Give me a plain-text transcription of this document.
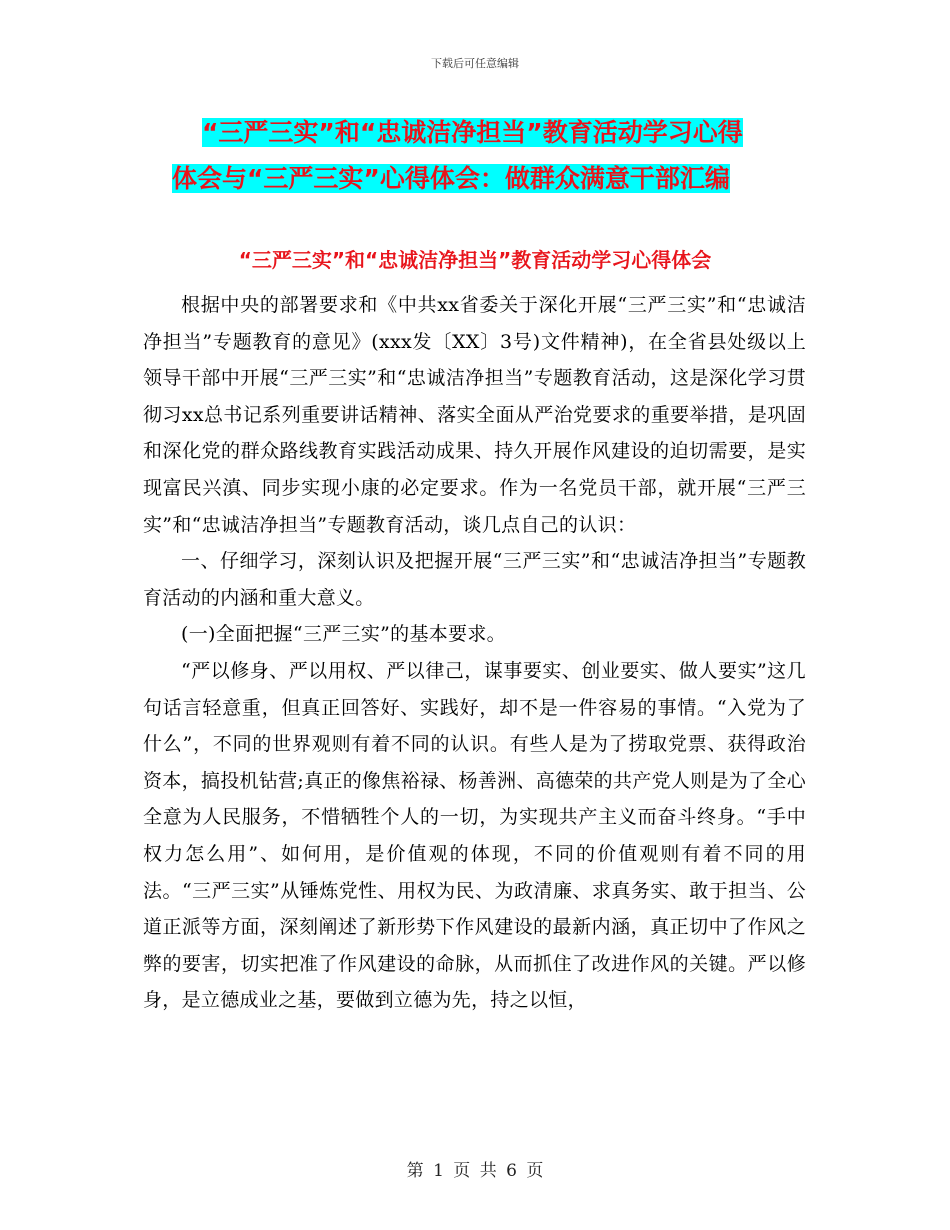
下载后可任意编辑
“三严三实”和“忠诚洁净担当”教育活动学习心得
体会与“三严三实”心得体会：做群众满意干部汇编
“三严三实”和“忠诚洁净担当”教育活动学习心得体会

根据中央的部署要求和《中共xx省委关于深化开展“三严三实”和“忠诚洁净担当”专题教育的意见》(xxx发〔XX〕3号)文件精神)，在全省县处级以上领导干部中开展“三严三实”和“忠诚洁净担当”专题教育活动，这是深化学习贯彻习xx总书记系列重要讲话精神、落实全面从严治党要求的重要举措，是巩固和深化党的群众路线教育实践活动成果、持久开展作风建设的迫切需要，是实现富民兴滇、同步实现小康的必定要求。作为一名党员干部，就开展“三严三实”和“忠诚洁净担当”专题教育活动，谈几点自己的认识：

一、仔细学习，深刻认识及把握开展“三严三实”和“忠诚洁净担当”专题教育活动的内涵和重大意义。

(一)全面把握“三严三实”的基本要求。

“严以修身、严以用权、严以律己，谋事要实、创业要实、做人要实”这几句话言轻意重，但真正回答好、实践好，却不是一件容易的事情。“入党为了什么”，不同的世界观则有着不同的认识。有些人是为了捞取党票、获得政治资本，搞投机钻营;真正的像焦裕禄、杨善洲、高德荣的共产党人则是为了全心全意为人民服务，不惜牺牲个人的一切，为实现共产主义而奋斗终身。“手中权力怎么用”、如何用，是价值观的体现，不同的价值观则有着不同的用法。“三严三实”从锤炼党性、用权为民、为政清廉、求真务实、敢于担当、公道正派等方面，深刻阐述了新形势下作风建设的最新内涵，真正切中了作风之弊的要害，切实把准了作风建设的命脉，从而抓住了改进作风的关键。严以修身，是立德成业之基，要做到立德为先，持之以恒，

第 1 页 共 6 页
